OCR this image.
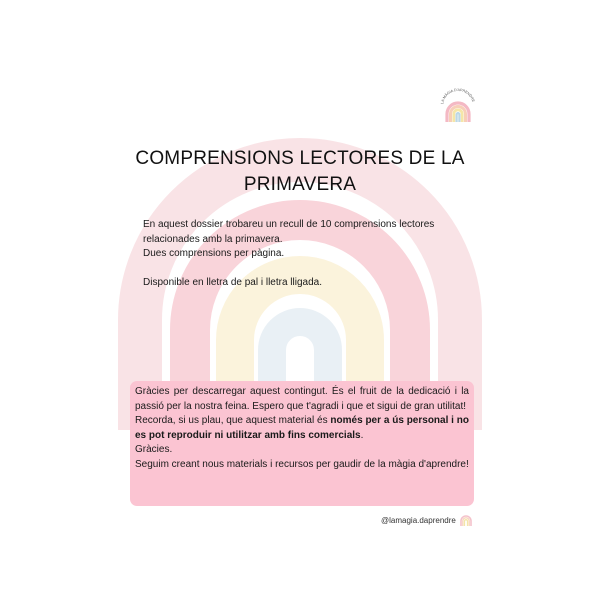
LA MÀGIA D'APRENDRE
COMPRENSIONS LECTORES DE LA
PRIMAVERA

En aquest dossier trobareu un recull de 10 comprensions lectores

relacionades amb la primavera.

Dues comprensions per pàgina.

Disponible en lletra de pal i lletra lligada.

Gràcies per descarregar aquest contingut. És el fruit de la dedicació i la passió per la nostra feina. Espero que t'agradi i que et sigui de gran utilitat!

Recorda, si us plau, que aquest material és només per a ús personal i no es pot reproduir ni utilitzar amb fins comercials.

Gràcies.

Seguim creant nous materials i recursos per gaudir de la màgia d'aprendre!

@lamagia.daprendre
